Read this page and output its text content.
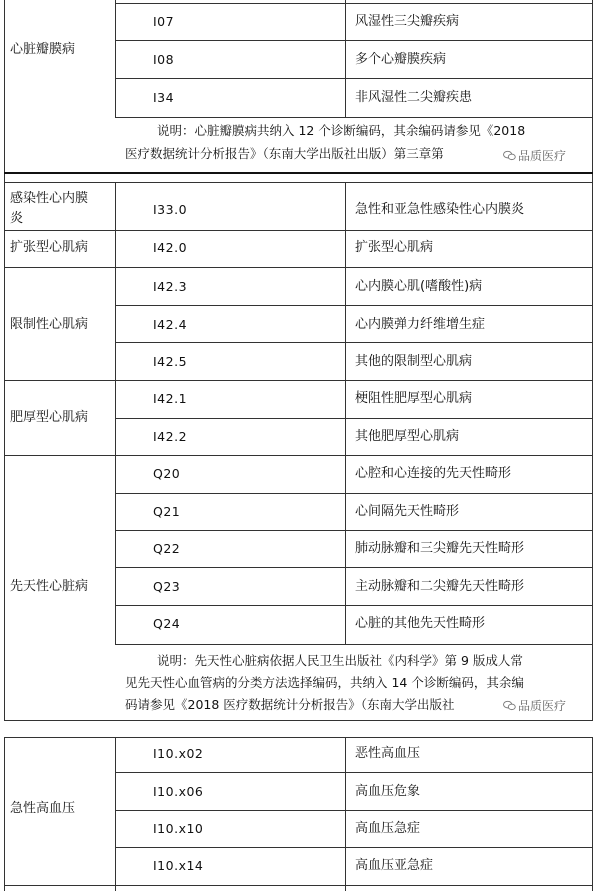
心脏瓣膜病
I07	风湿性三尖瓣疾病
I08	多个心瓣膜疾病
I34	非风湿性二尖瓣疾患
说明：心脏瓣膜病共纳入 12 个诊断编码，其余编码请参见《2018
医疗数据统计分析报告》（东南大学出版社出版）第三章第	品质医疗
感染性心内膜
炎
I33.0	急性和亚急性感染性心内膜炎
扩张型心肌病	I42.0	扩张型心肌病
限制性心肌病
I42.3	心内膜心肌(嗜酸性)病
I42.4	心内膜弹力纤维增生症
I42.5	其他的限制型心肌病
肥厚型心肌病
I42.1	梗阻性肥厚型心肌病
I42.2	其他肥厚型心肌病
先天性心脏病
Q20	心腔和心连接的先天性畸形
Q21	心间隔先天性畸形
Q22	肺动脉瓣和三尖瓣先天性畸形
Q23	主动脉瓣和二尖瓣先天性畸形
Q24	心脏的其他先天性畸形
说明：先天性心脏病依据人民卫生出版社《内科学》第 9 版成人常
见先天性心血管病的分类方法选择编码，共纳入 14 个诊断编码，其余编
码请参见《2018 医疗数据统计分析报告》（东南大学出版社	品质医疗
急性高血压
I10.x02	恶性高血压
I10.x06	高血压危象
I10.x10	高血压急症
I10.x14	高血压亚急症
